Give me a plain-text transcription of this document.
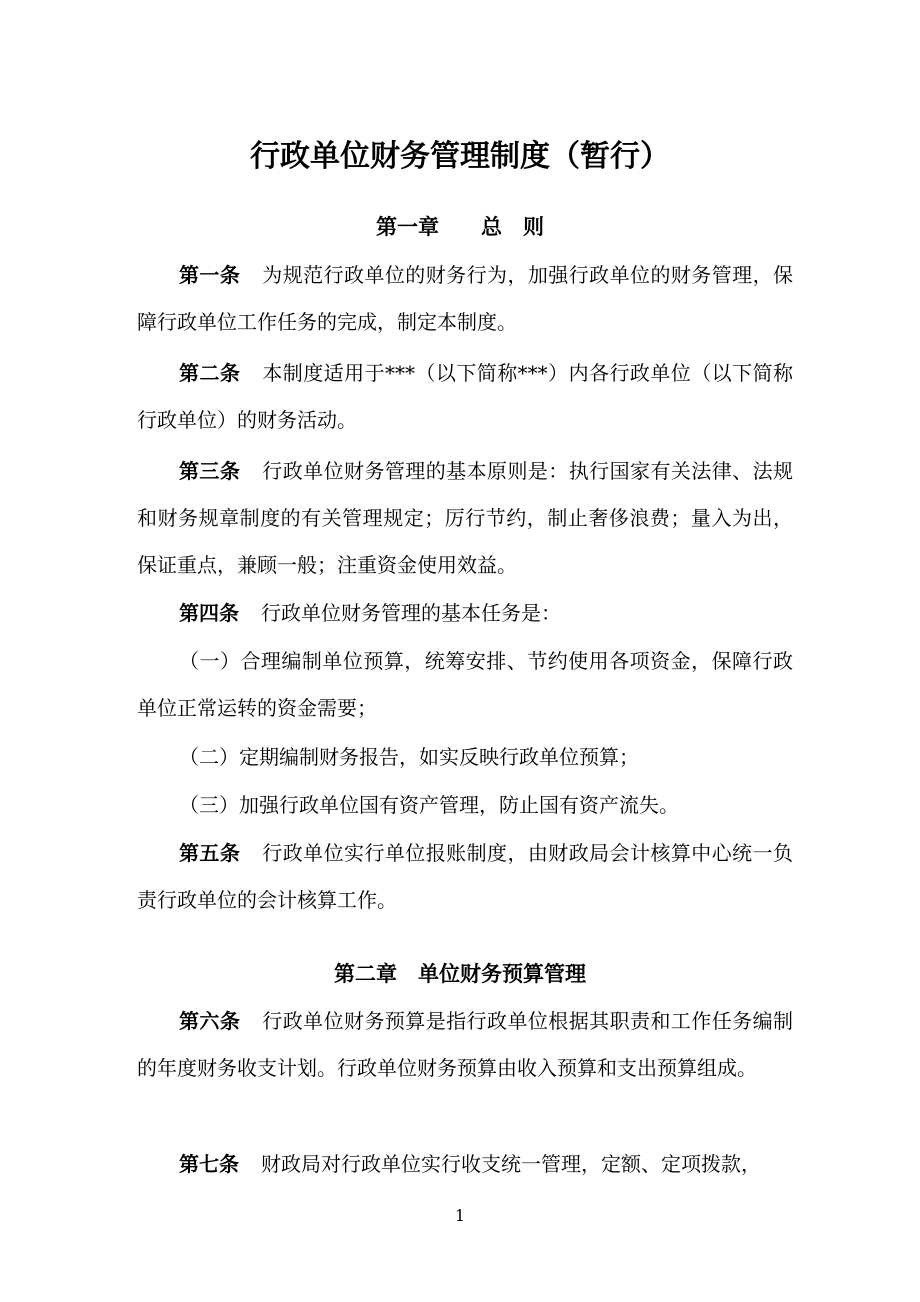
行政单位财务管理制度（暂行）
第一章　　总　则
第一条 为规范行政单位的财务行为，加强行政单位的财务管理，保障行政单位工作任务的完成，制定本制度。
第二条 本制度适用于***（以下简称***）内各行政单位（以下简称行政单位）的财务活动。
第三条 行政单位财务管理的基本原则是：执行国家有关法律、法规和财务规章制度的有关管理规定；厉行节约，制止奢侈浪费；量入为出，保证重点，兼顾一般；注重资金使用效益。
第四条 行政单位财务管理的基本任务是：
（一）合理编制单位预算，统筹安排、节约使用各项资金，保障行政单位正常运转的资金需要；
（二）定期编制财务报告，如实反映行政单位预算；
（三）加强行政单位国有资产管理，防止国有资产流失。
第五条 行政单位实行单位报账制度，由财政局会计核算中心统一负责行政单位的会计核算工作。
第二章　单位财务预算管理
第六条 行政单位财务预算是指行政单位根据其职责和工作任务编制的年度财务收支计划。行政单位财务预算由收入预算和支出预算组成。
第七条 财政局对行政单位实行收支统一管理，定额、定项拨款，
1
